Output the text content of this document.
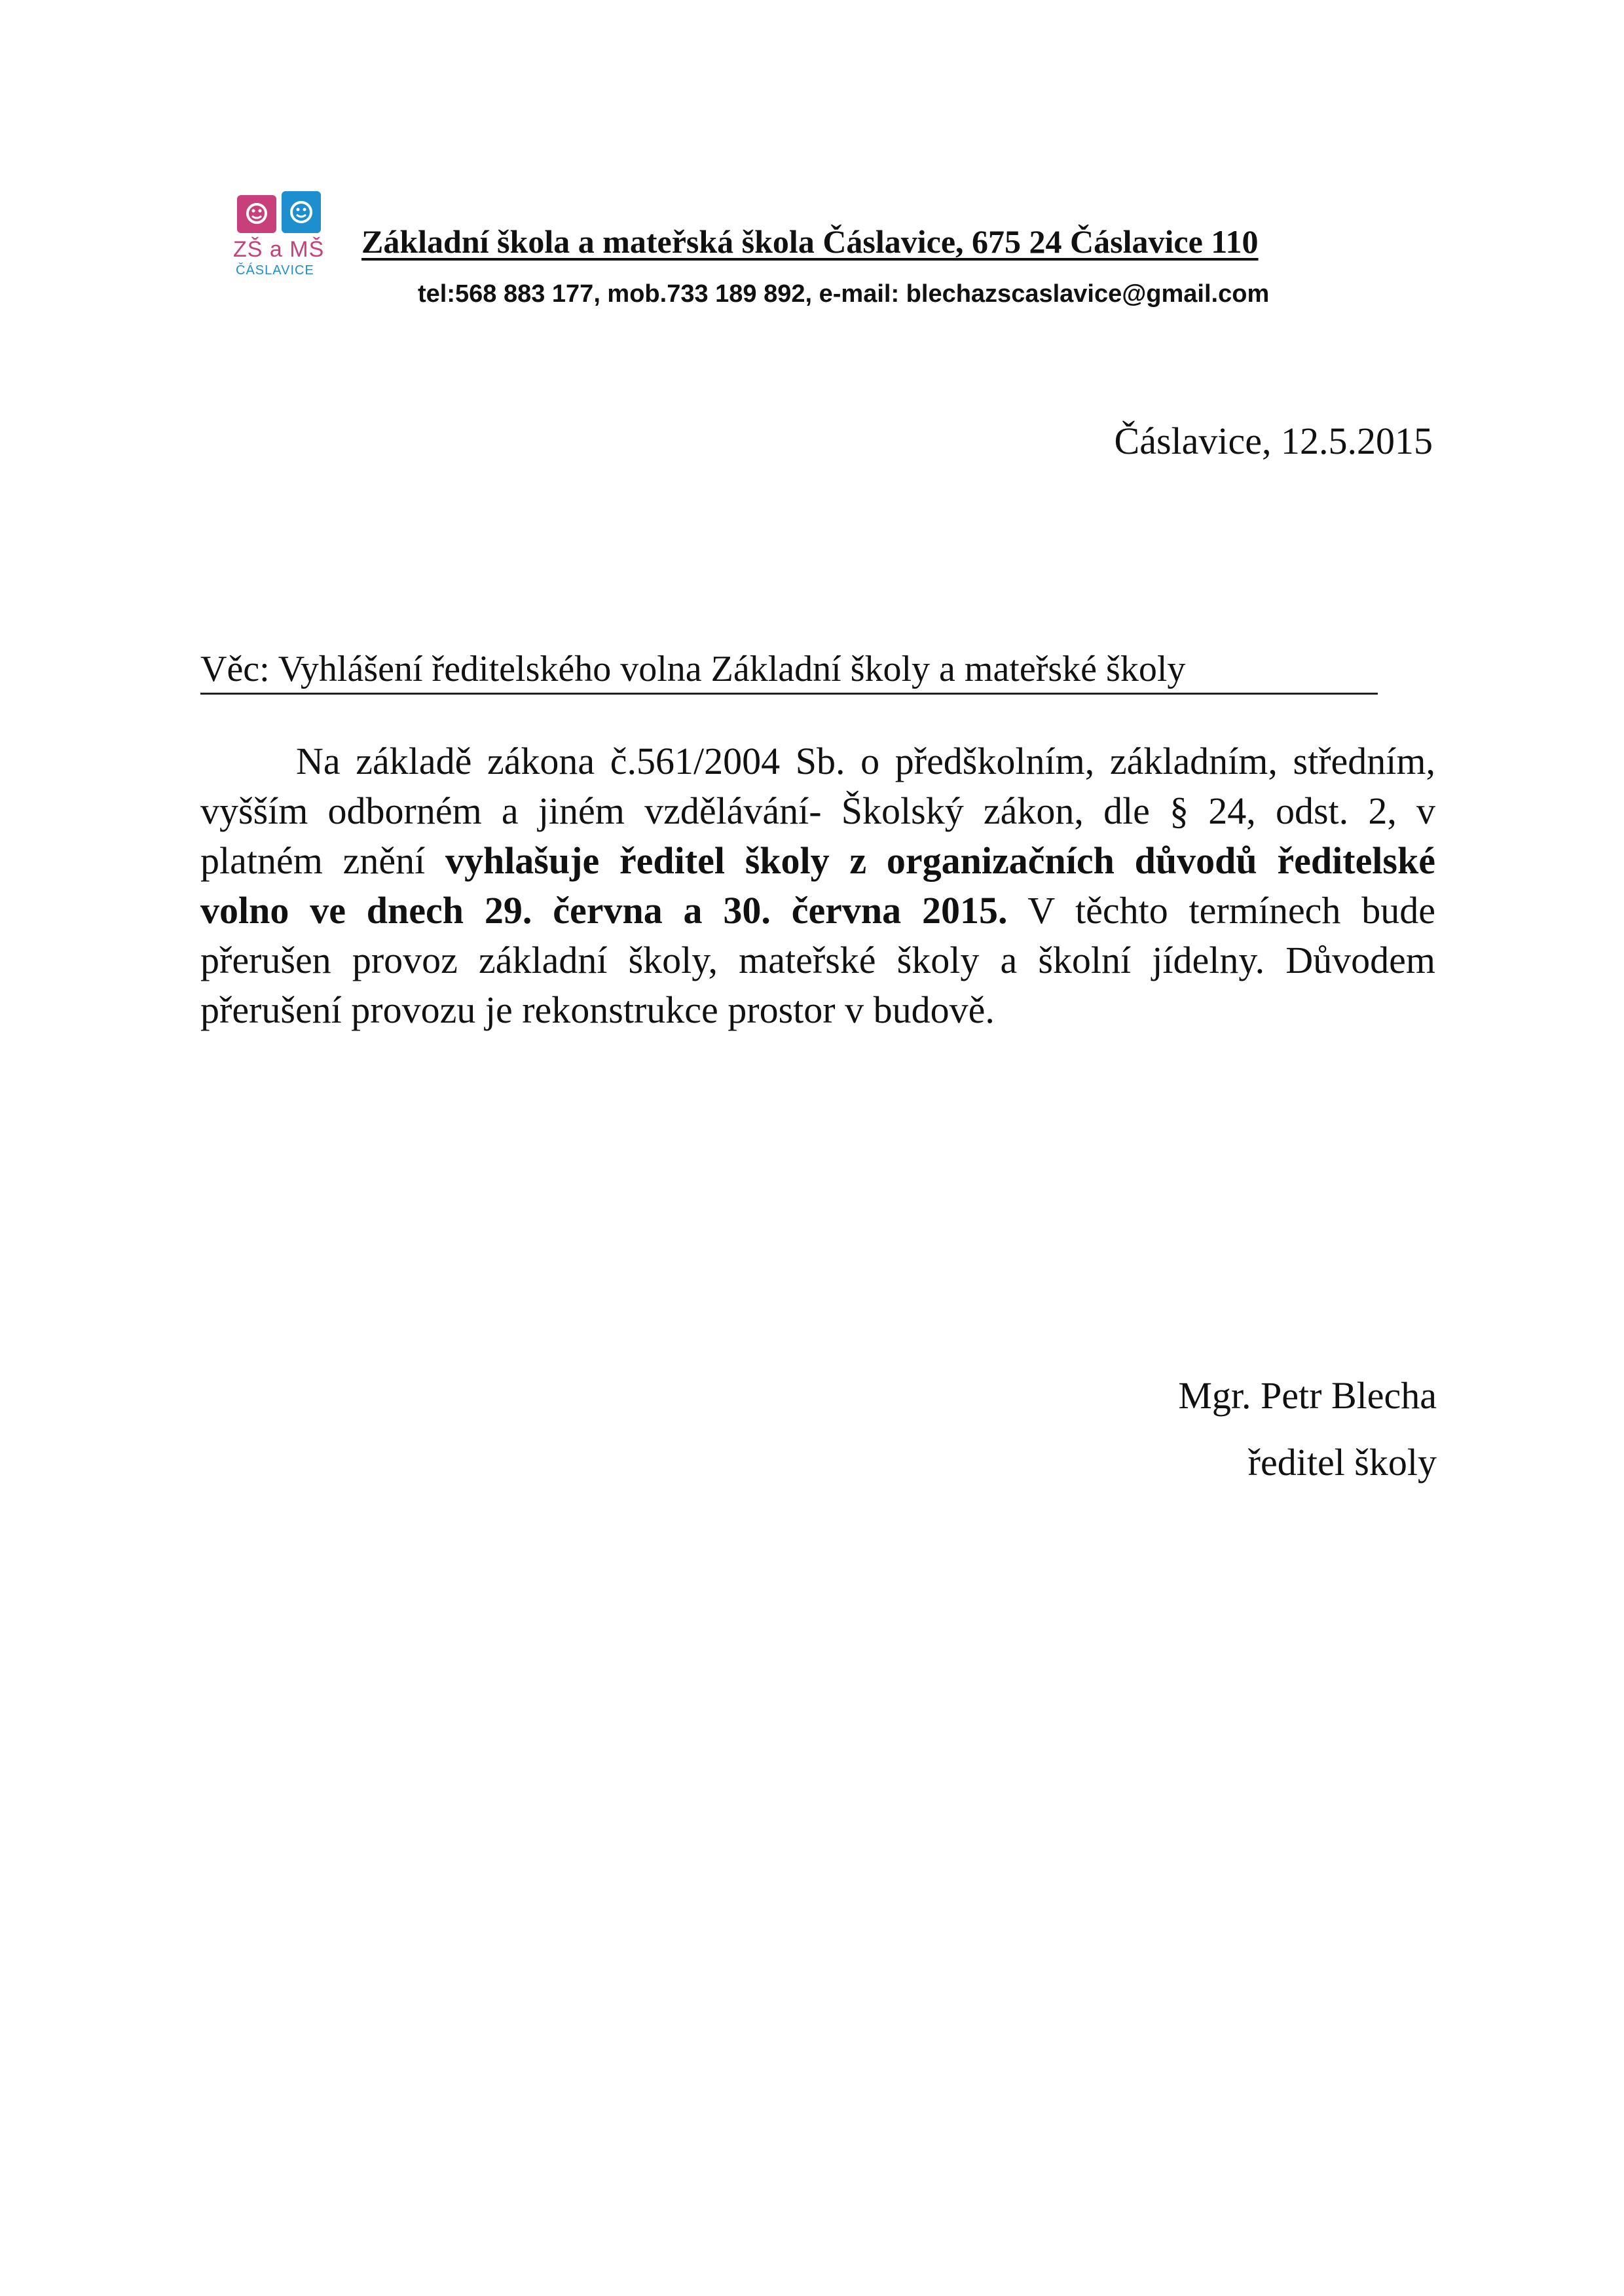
ZŠ a MŠ
ČÁSLAVICE
Základní škola a mateřská škola Čáslavice, 675 24 Čáslavice 110
tel:568 883 177, mob.733 189 892, e-mail: blechazscaslavice@gmail.com
Čáslavice, 12.5.2015
Věc: Vyhlášení ředitelského volna Základní školy a mateřské školy
Na základě zákona č.561/2004 Sb. o předškolním, základním, středním, vyšším odborném a jiném vzdělávání- Školský zákon, dle § 24, odst. 2, v platném znění vyhlašuje ředitel školy z organizačních důvodů ředitelské volno ve dnech 29. června a 30. června 2015. V těchto termínech bude přerušen provoz základní školy, mateřské školy a školní jídelny. Důvodem přerušení provozu je rekonstrukce prostor v budově.
Mgr. Petr Blecha
ředitel školy
